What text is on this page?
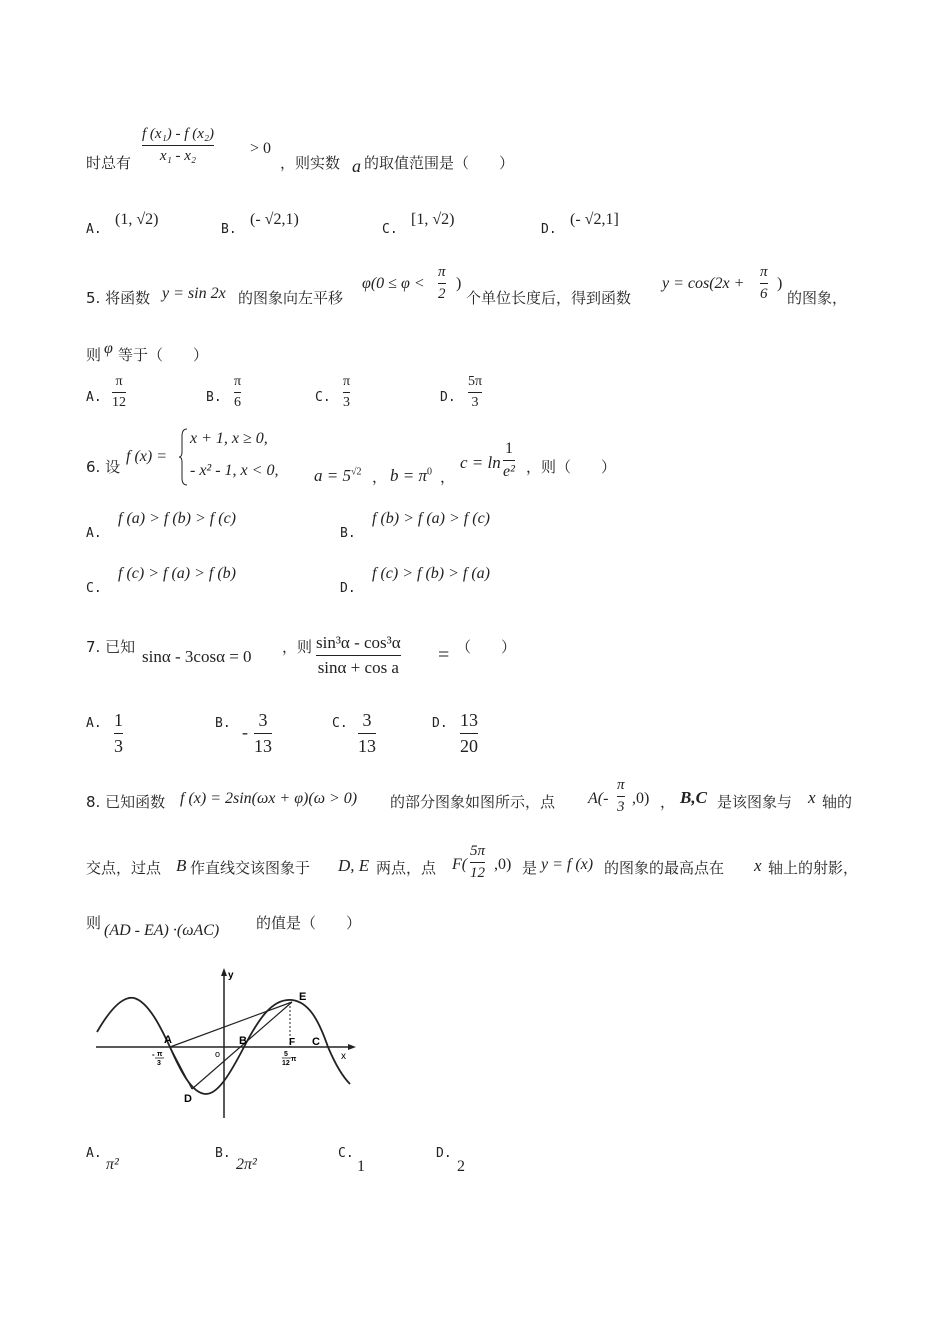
时总有
f (x₁) - f (x₂)
x₁ - x₂	> 0
，则实数 a 的取值范围是（　　）
A.
(1, √2)
B.
(- √2,1)
C.
[1, √2)
D.
(- √2,1]
5. 将函数 y = sin 2x 的图象向左平移
φ(0 ≤ φ <
π
2
)
个单位长度后，得到函数
y = cos(2x +
π
6
)
的图象，
则 φ 等于（　　）
A.
π
12	B.
π
6	C.
π
3	D.
5π
3
6. 设
f (x) =
x + 1, x ≥ 0,
- x² - 1, x < 0, $a = 5^{√2}$ ， $b = \pi^0$ ，
c = ln
1
e² ，则（　　）
A.
f (a) > f (b) > f (c)
B.
f (b) > f (a) > f (c)
C.
f (c) > f (a) > f (b)
D.
f (c) > f (b) > f (a)
7. 已知 sinα - 3cosα = 0 ，则 sin³α - cos³α
sinα + cos a
= （　　）
A. 1
3
B. -
3
13
C. 3
13
D. 13
20
8. 已知函数 f (x) = 2sin(ωx + φ)(ω > 0) 的部分图象如图所示，点 A(-
π
3 ,0) ， B,C 是该图象与 x 轴的
交点，过点 B 作直线交该图象于 D, E 两点，点 F(
5π
12 ,0) 是 y = f (x) 的图象的最高点在 x 轴上的射影，
则 (AD - EA) ·(ωAC) 的值是（　　）
A	B	C
D
E
F
o
y
x
- π
3
5
12
π
A.
π²
B.
2π²
C.
1
D.
2
